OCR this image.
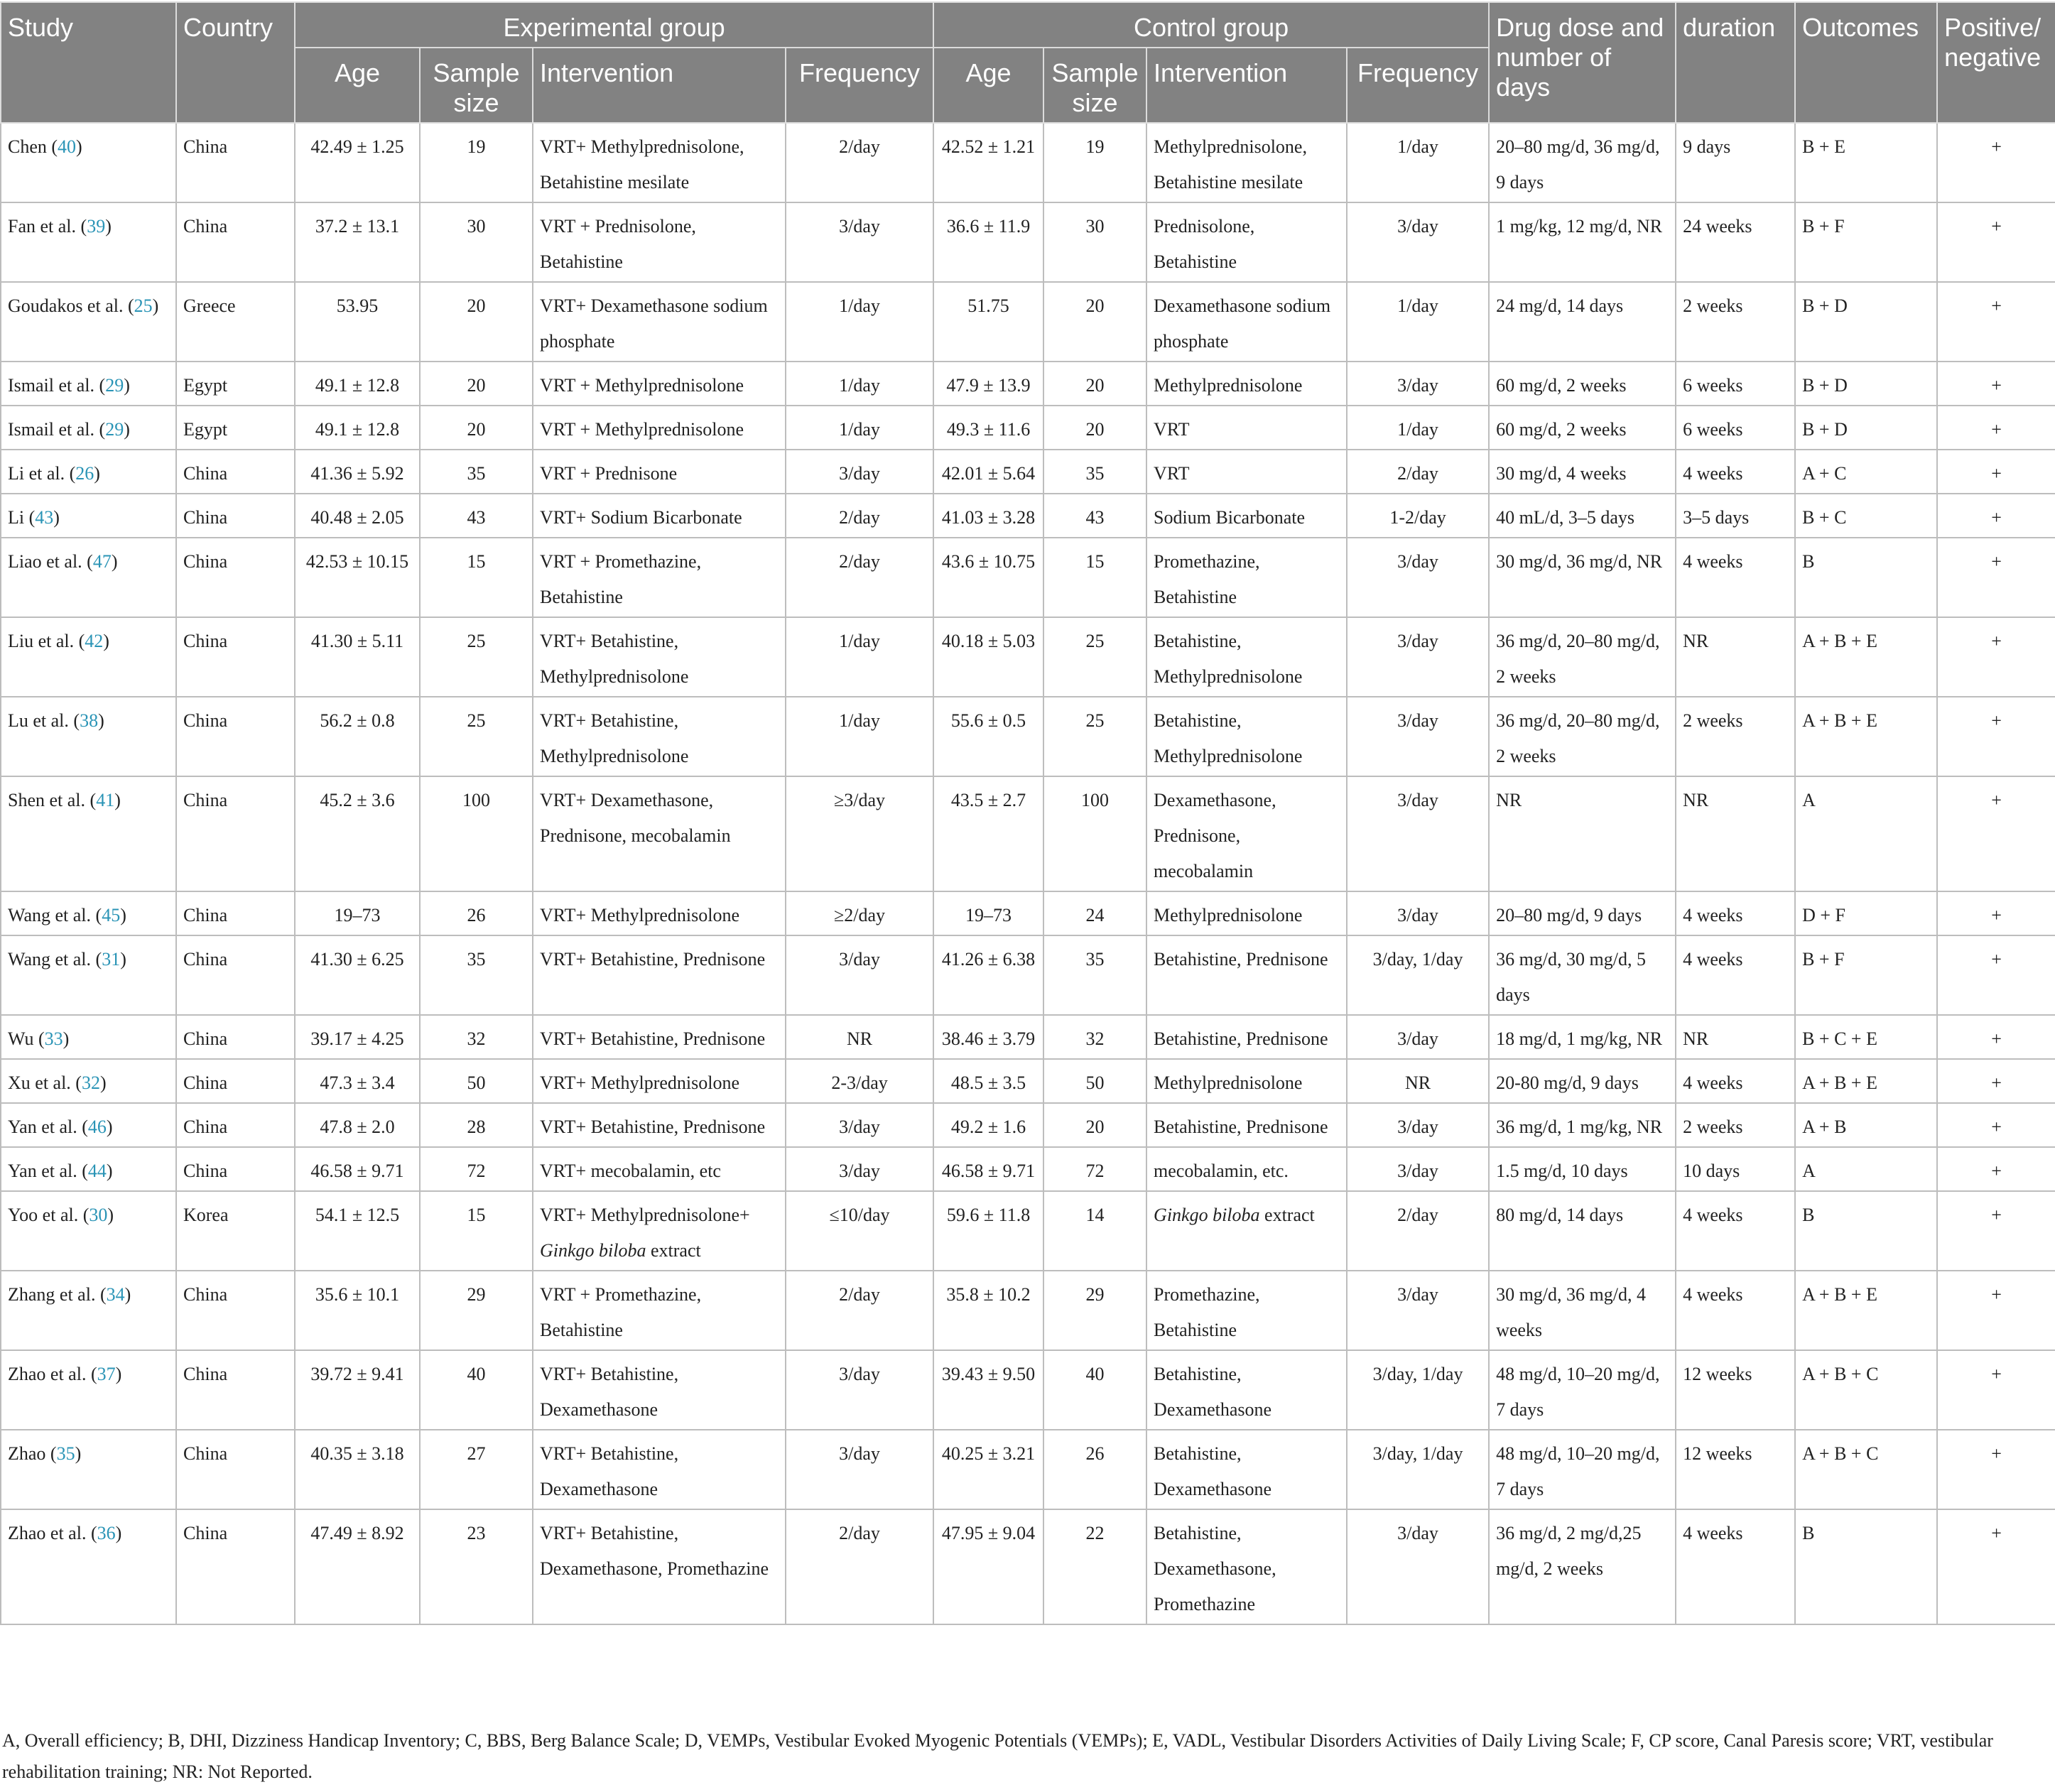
Study	Country	Experimental group				Control group				Drug dose and number of days	duration	Outcomes	Positive/ negative
		Age	Sample size	Intervention	Frequency	Age	Sample size	Intervention	Frequency				
Chen (40)	China	42.49 ± 1.25	19	VRT+ Methylprednisolone, Betahistine mesilate	2/day	42.52 ± 1.21	19	Methylprednisolone, Betahistine mesilate	1/day	20–80 mg/d, 36 mg/d, 9 days	9 days	B + E	+
Fan et al. (39)	China	37.2 ± 13.1	30	VRT + Prednisolone, Betahistine	3/day	36.6 ± 11.9	30	Prednisolone, Betahistine	3/day	1 mg/kg, 12 mg/d, NR	24 weeks	B + F	+
Goudakos et al. (25)	Greece	53.95	20	VRT+ Dexamethasone sodium phosphate	1/day	51.75	20	Dexamethasone sodium phosphate	1/day	24 mg/d, 14 days	2 weeks	B + D	+
Ismail et al. (29)	Egypt	49.1 ± 12.8	20	VRT + Methylprednisolone	1/day	47.9 ± 13.9	20	Methylprednisolone	3/day	60 mg/d, 2 weeks	6 weeks	B + D	+
Ismail et al. (29)	Egypt	49.1 ± 12.8	20	VRT + Methylprednisolone	1/day	49.3 ± 11.6	20	VRT	1/day	60 mg/d, 2 weeks	6 weeks	B + D	+
Li et al. (26)	China	41.36 ± 5.92	35	VRT + Prednisone	3/day	42.01 ± 5.64	35	VRT	2/day	30 mg/d, 4 weeks	4 weeks	A + C	+
Li (43)	China	40.48 ± 2.05	43	VRT+ Sodium Bicarbonate	2/day	41.03 ± 3.28	43	Sodium Bicarbonate	1-2/day	40 mL/d, 3–5 days	3–5 days	B + C	+
Liao et al. (47)	China	42.53 ± 10.15	15	VRT + Promethazine, Betahistine	2/day	43.6 ± 10.75	15	Promethazine, Betahistine	3/day	30 mg/d, 36 mg/d, NR	4 weeks	B	+
Liu et al. (42)	China	41.30 ± 5.11	25	VRT+ Betahistine, Methylprednisolone	1/day	40.18 ± 5.03	25	Betahistine, Methylprednisolone	3/day	36 mg/d, 20–80 mg/d, 2 weeks	NR	A + B + E	+
Lu et al. (38)	China	56.2 ± 0.8	25	VRT+ Betahistine, Methylprednisolone	1/day	55.6 ± 0.5	25	Betahistine, Methylprednisolone	3/day	36 mg/d, 20–80 mg/d, 2 weeks	2 weeks	A + B + E	+
Shen et al. (41)	China	45.2 ± 3.6	100	VRT+ Dexamethasone, Prednisone, mecobalamin	≥3/day	43.5 ± 2.7	100	Dexamethasone, Prednisone, mecobalamin	3/day	NR	NR	A	+
Wang et al. (45)	China	19–73	26	VRT+ Methylprednisolone	≥2/day	19–73	24	Methylprednisolone	3/day	20–80 mg/d, 9 days	4 weeks	D + F	+
Wang et al. (31)	China	41.30 ± 6.25	35	VRT+ Betahistine, Prednisone	3/day	41.26 ± 6.38	35	Betahistine, Prednisone	3/day, 1/day	36 mg/d, 30 mg/d, 5 days	4 weeks	B + F	+
Wu (33)	China	39.17 ± 4.25	32	VRT+ Betahistine, Prednisone	NR	38.46 ± 3.79	32	Betahistine, Prednisone	3/day	18 mg/d, 1 mg/kg, NR	NR	B + C + E	+
Xu et al. (32)	China	47.3 ± 3.4	50	VRT+ Methylprednisolone	2-3/day	48.5 ± 3.5	50	Methylprednisolone	NR	20-80 mg/d, 9 days	4 weeks	A + B + E	+
Yan et al. (46)	China	47.8 ± 2.0	28	VRT+ Betahistine, Prednisone	3/day	49.2 ± 1.6	20	Betahistine, Prednisone	3/day	36 mg/d, 1 mg/kg, NR	2 weeks	A + B	+
Yan et al. (44)	China	46.58 ± 9.71	72	VRT+ mecobalamin, etc	3/day	46.58 ± 9.71	72	mecobalamin, etc.	3/day	1.5 mg/d, 10 days	10 days	A	+
Yoo et al. (30)	Korea	54.1 ± 12.5	15	VRT+ Methylprednisolone+ Ginkgo biloba extract	≤10/day	59.6 ± 11.8	14	Ginkgo biloba extract	2/day	80 mg/d, 14 days	4 weeks	B	+
Zhang et al. (34)	China	35.6 ± 10.1	29	VRT + Promethazine, Betahistine	2/day	35.8 ± 10.2	29	Promethazine, Betahistine	3/day	30 mg/d, 36 mg/d, 4 weeks	4 weeks	A + B + E	+
Zhao et al. (37)	China	39.72 ± 9.41	40	VRT+ Betahistine, Dexamethasone	3/day	39.43 ± 9.50	40	Betahistine, Dexamethasone	3/day, 1/day	48 mg/d, 10–20 mg/d, 7 days	12 weeks	A + B + C	+
Zhao (35)	China	40.35 ± 3.18	27	VRT+ Betahistine, Dexamethasone	3/day	40.25 ± 3.21	26	Betahistine, Dexamethasone	3/day, 1/day	48 mg/d, 10–20 mg/d, 7 days	12 weeks	A + B + C	+
Zhao et al. (36)	China	47.49 ± 8.92	23	VRT+ Betahistine, Dexamethasone, Promethazine	2/day	47.95 ± 9.04	22	Betahistine, Dexamethasone, Promethazine	3/day	36 mg/d, 2 mg/d,25 mg/d, 2 weeks	4 weeks	B	+
A, Overall efficiency; B, DHI, Dizziness Handicap Inventory; C, BBS, Berg Balance Scale; D, VEMPs, Vestibular Evoked Myogenic Potentials (VEMPs); E, VADL, Vestibular Disorders Activities of Daily Living Scale; F, CP score, Canal Paresis score; VRT, vestibular rehabilitation training; NR: Not Reported.
